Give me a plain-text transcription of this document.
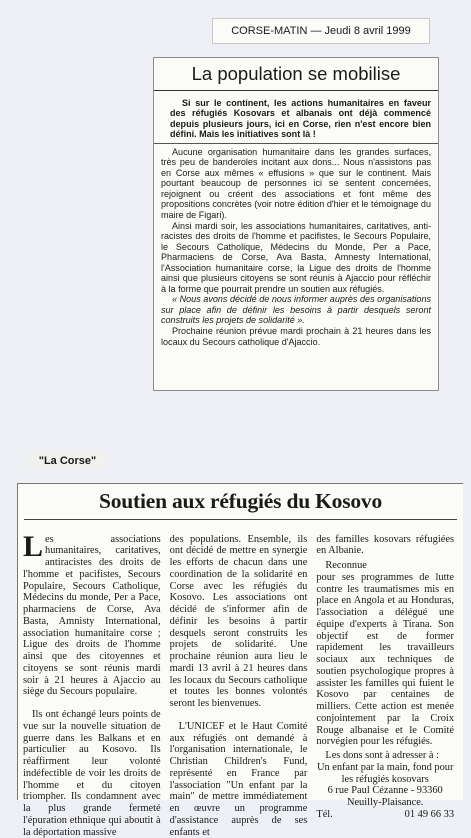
CORSE-MATIN — Jeudi 8 avril 1999
La population se mobilise

Si sur le continent, les actions humanitaires en faveur des réfugiés Kosovars et albanais ont déjà commencé depuis plusieurs jours, ici en Corse, rien n'est encore bien défini. Mais les initiatives sont là !

Aucune organisation humanitaire dans les grandes surfaces, très peu de banderoles incitant aux dons... Nous n'assistons pas en Corse aux mêmes « effusions » que sur le continent. Mais pourtant beaucoup de personnes ici se sentent concernées, rejoignent ou créent des associations et font même des propositions concrètes (voir notre édition d'hier et le témoignage du maire de Figari).

Ainsi mardi soir, les associations humanitaires, caritatives, anti-racistes des droits de l'homme et pacifistes, le Secours Populaire, le Secours Catholique, Médecins du Monde, Per a Pace, Pharmaciens de Corse, Ava Basta, Amnesty International, l'Association humanitaire corse, la Ligue des droits de l'homme ainsi que plusieurs citoyens se sont réunis à Ajaccio pour réfléchir à la forme que pourrait prendre un soutien aux réfugiés.

« Nous avons décidé de nous informer auprès des organisations sur place afin de définir les besoins à partir desquels seront construits les projets de solidarité ».

Prochaine réunion prévue mardi prochain à 21 heures dans les locaux du Secours catholique d'Ajaccio.

"La Corse"
Soutien aux réfugiés du Kosovo

Les associations humanitaires, caritatives, antiracistes des droits de l'homme et pacifistes, Secours Populaire, Secours Catholique, Médecins du monde, Per a Pace, pharmaciens de Corse, Ava Basta, Amnisty International, association humanitaire corse ; Ligue des droits de l'homme ainsi que des citoyennes et citoyens se sont réunis mardi soir à 21 heures à Ajaccio au siège du Secours populaire.

Ils ont échangé leurs points de vue sur la nouvelle situation de guerre dans les Balkans et en particulier au Kosovo. Ils réaffirment leur volonté indéfectible de voir les droits de l'homme et du citoyen triompher. Ils condamnent avec la plus grande fermeté l'épuration ethnique qui aboutit à la déportation massive

des populations. Ensemble, ils ont décidé de mettre en synergie les efforts de chacun dans une coordination de la solidarité en Corse avec les réfugiés du Kosovo. Les associations ont décidé de s'informer afin de définir les besoins à partir desquels seront construits les projets de solidarité. Une prochaine réunion aura lieu le mardi 13 avril à 21 heures dans les locaux du Secours catholique et toutes les bonnes volontés seront les bienvenues.

L'UNICEF et le Haut Comité aux réfugiés ont demandé à l'organisation internationale, le Christian Children's Fund, représenté en France par l'association "Un enfant par la main" de mettre immédiatement en œuvre un programme d'assistance auprès de ses enfants et

des familles kosovars réfugiées en Albanie.

Reconnue
pour ses programmes de lutte contre les traumatismes mis en place en Angola et au Honduras, l'association a délégué une équipe d'experts à Tirana. Son objectif est de former rapidement les travailleurs sociaux aux techniques de soutien psychologique propres à assister les familles qui fuient le Kosovo par centaines de milliers. Cette action est menée conjointement par la Croix Rouge albanaise et le Comité norvégien pour les réfugiés.

Les dons sont à adresser à :

Un enfant par la main, fond pour les réfugiés kosovars
6 rue Paul Cézanne - 93360 Neuilly-Plaisance.
Tél.	01 49 66 33
